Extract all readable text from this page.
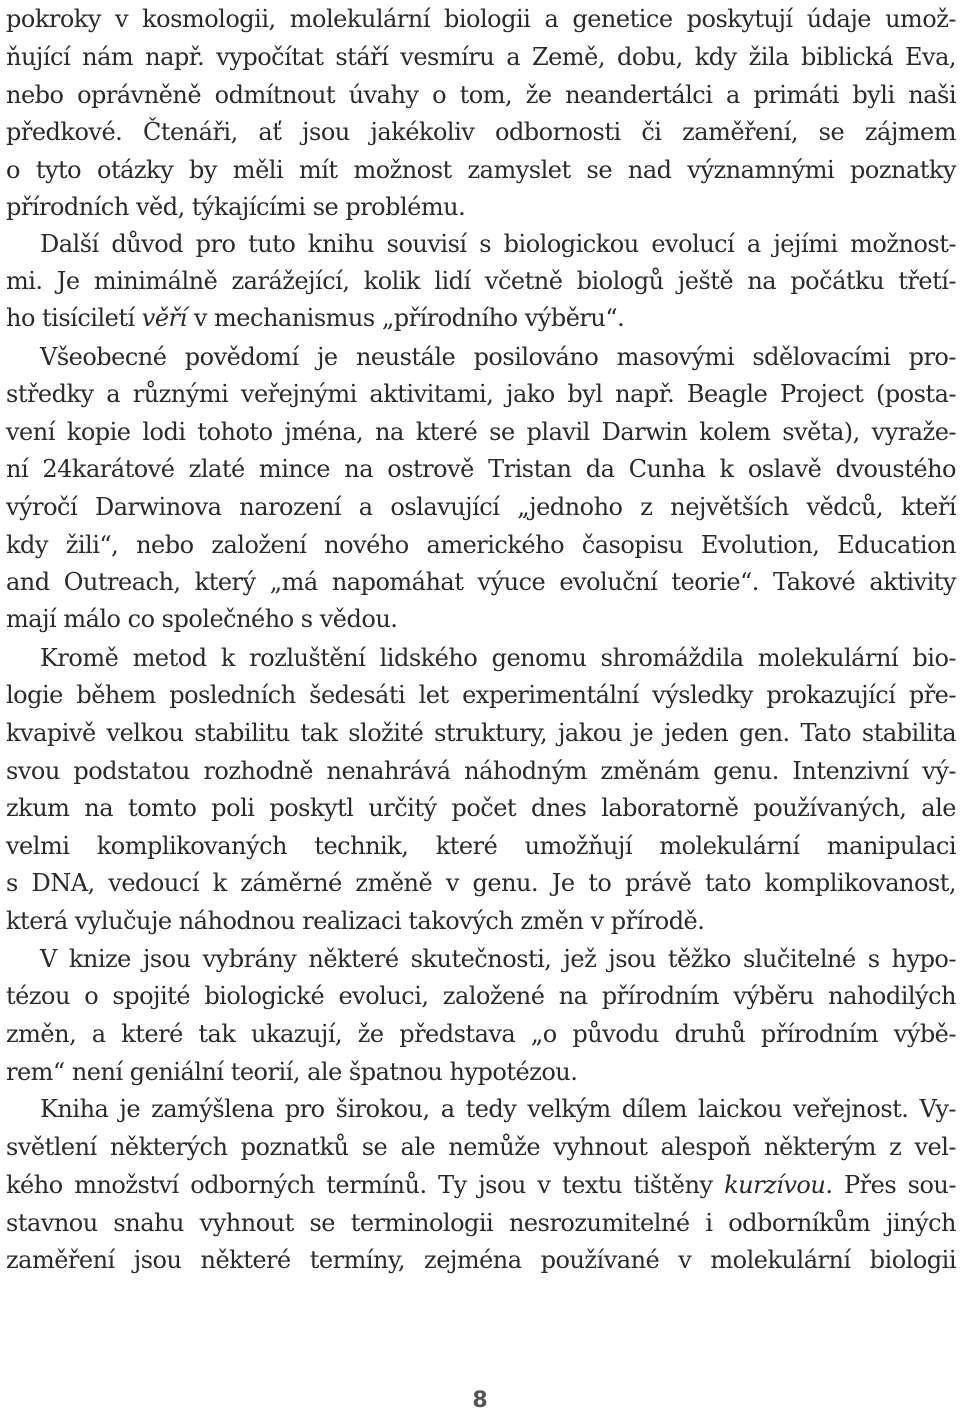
pokroky v kosmologii, molekulární biologii a genetice poskytují údaje umož-
ňující nám např. vypočítat stáří vesmíru a Země, dobu, kdy žila biblická Eva,
nebo oprávněně odmítnout úvahy o tom, že neandertálci a primáti byli naši
předkové. Čtenáři, ať jsou jakékoliv odbornosti či zaměření, se zájmem
o tyto otázky by měli mít možnost zamyslet se nad významnými poznatky
přírodních věd, týkajícími se problému.
Další důvod pro tuto knihu souvisí s biologickou evolucí a jejími možnost-
mi. Je minimálně zarážející, kolik lidí včetně biologů ještě na počátku třetí-
ho tisíciletí věří v mechanismus „přírodního výběru“.
Všeobecné povědomí je neustále posilováno masovými sdělovacími pro-
středky a různými veřejnými aktivitami, jako byl např. Beagle Project (posta-
vení kopie lodi tohoto jména, na které se plavil Darwin kolem světa), vyraže-
ní 24karátové zlaté mince na ostrově Tristan da Cunha k oslavě dvoustého
výročí Darwinova narození a oslavující „jednoho z největších vědců, kteří
kdy žili“, nebo založení nového amerického časopisu Evolution, Education
and Outreach, který „má napomáhat výuce evoluční teorie“. Takové aktivity
mají málo co společného s vědou.
Kromě metod k rozluštění lidského genomu shromáždila molekulární bio-
logie během posledních šedesáti let experimentální výsledky prokazující pře-
kvapivě velkou stabilitu tak složité struktury, jakou je jeden gen. Tato stabilita
svou podstatou rozhodně nenahrává náhodným změnám genu. Intenzivní vý-
zkum na tomto poli poskytl určitý počet dnes laboratorně používaných, ale
velmi komplikovaných technik, které umožňují molekulární manipulaci
s DNA, vedoucí k záměrné změně v genu. Je to právě tato komplikovanost,
která vylučuje náhodnou realizaci takových změn v přírodě.
V knize jsou vybrány některé skutečnosti, jež jsou těžko slučitelné s hypo-
tézou o spojité biologické evoluci, založené na přírodním výběru nahodilých
změn, a které tak ukazují, že představa „o původu druhů přírodním výbě-
rem“ není geniální teorií, ale špatnou hypotézou.
Kniha je zamýšlena pro širokou, a tedy velkým dílem laickou veřejnost. Vy-
světlení některých poznatků se ale nemůže vyhnout alespoň některým z vel-
kého množství odborných termínů. Ty jsou v textu tištěny kurzívou. Přes sou-
stavnou snahu vyhnout se terminologii nesrozumitelné i odborníkům jiných
zaměření jsou některé termíny, zejména používané v molekulární biologii
8
